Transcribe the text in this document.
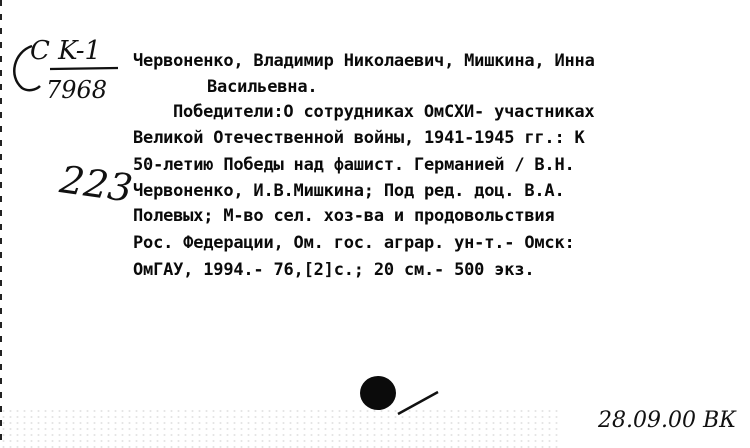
C K-1
7968
223
Червоненко, Владимир Николаевич, Мишкина, Инна
Васильевна.
Победители:О сотрудниках ОмСХИ- участниках
Великой Отечественной войны, 1941-1945 гг.: К
50-летию Победы над фашист. Германией / В.Н.
Червоненко, И.В.Мишкина; Под ред. доц. В.А.
Полевых; М-во сел. хоз-ва и продовольствия
Рос. Федерации, Ом. гос. аграр. ун-т.- Омск:
ОмГАУ, 1994.- 76,[2]с.; 20 см.- 500 экз.
28.09.00 ВК
